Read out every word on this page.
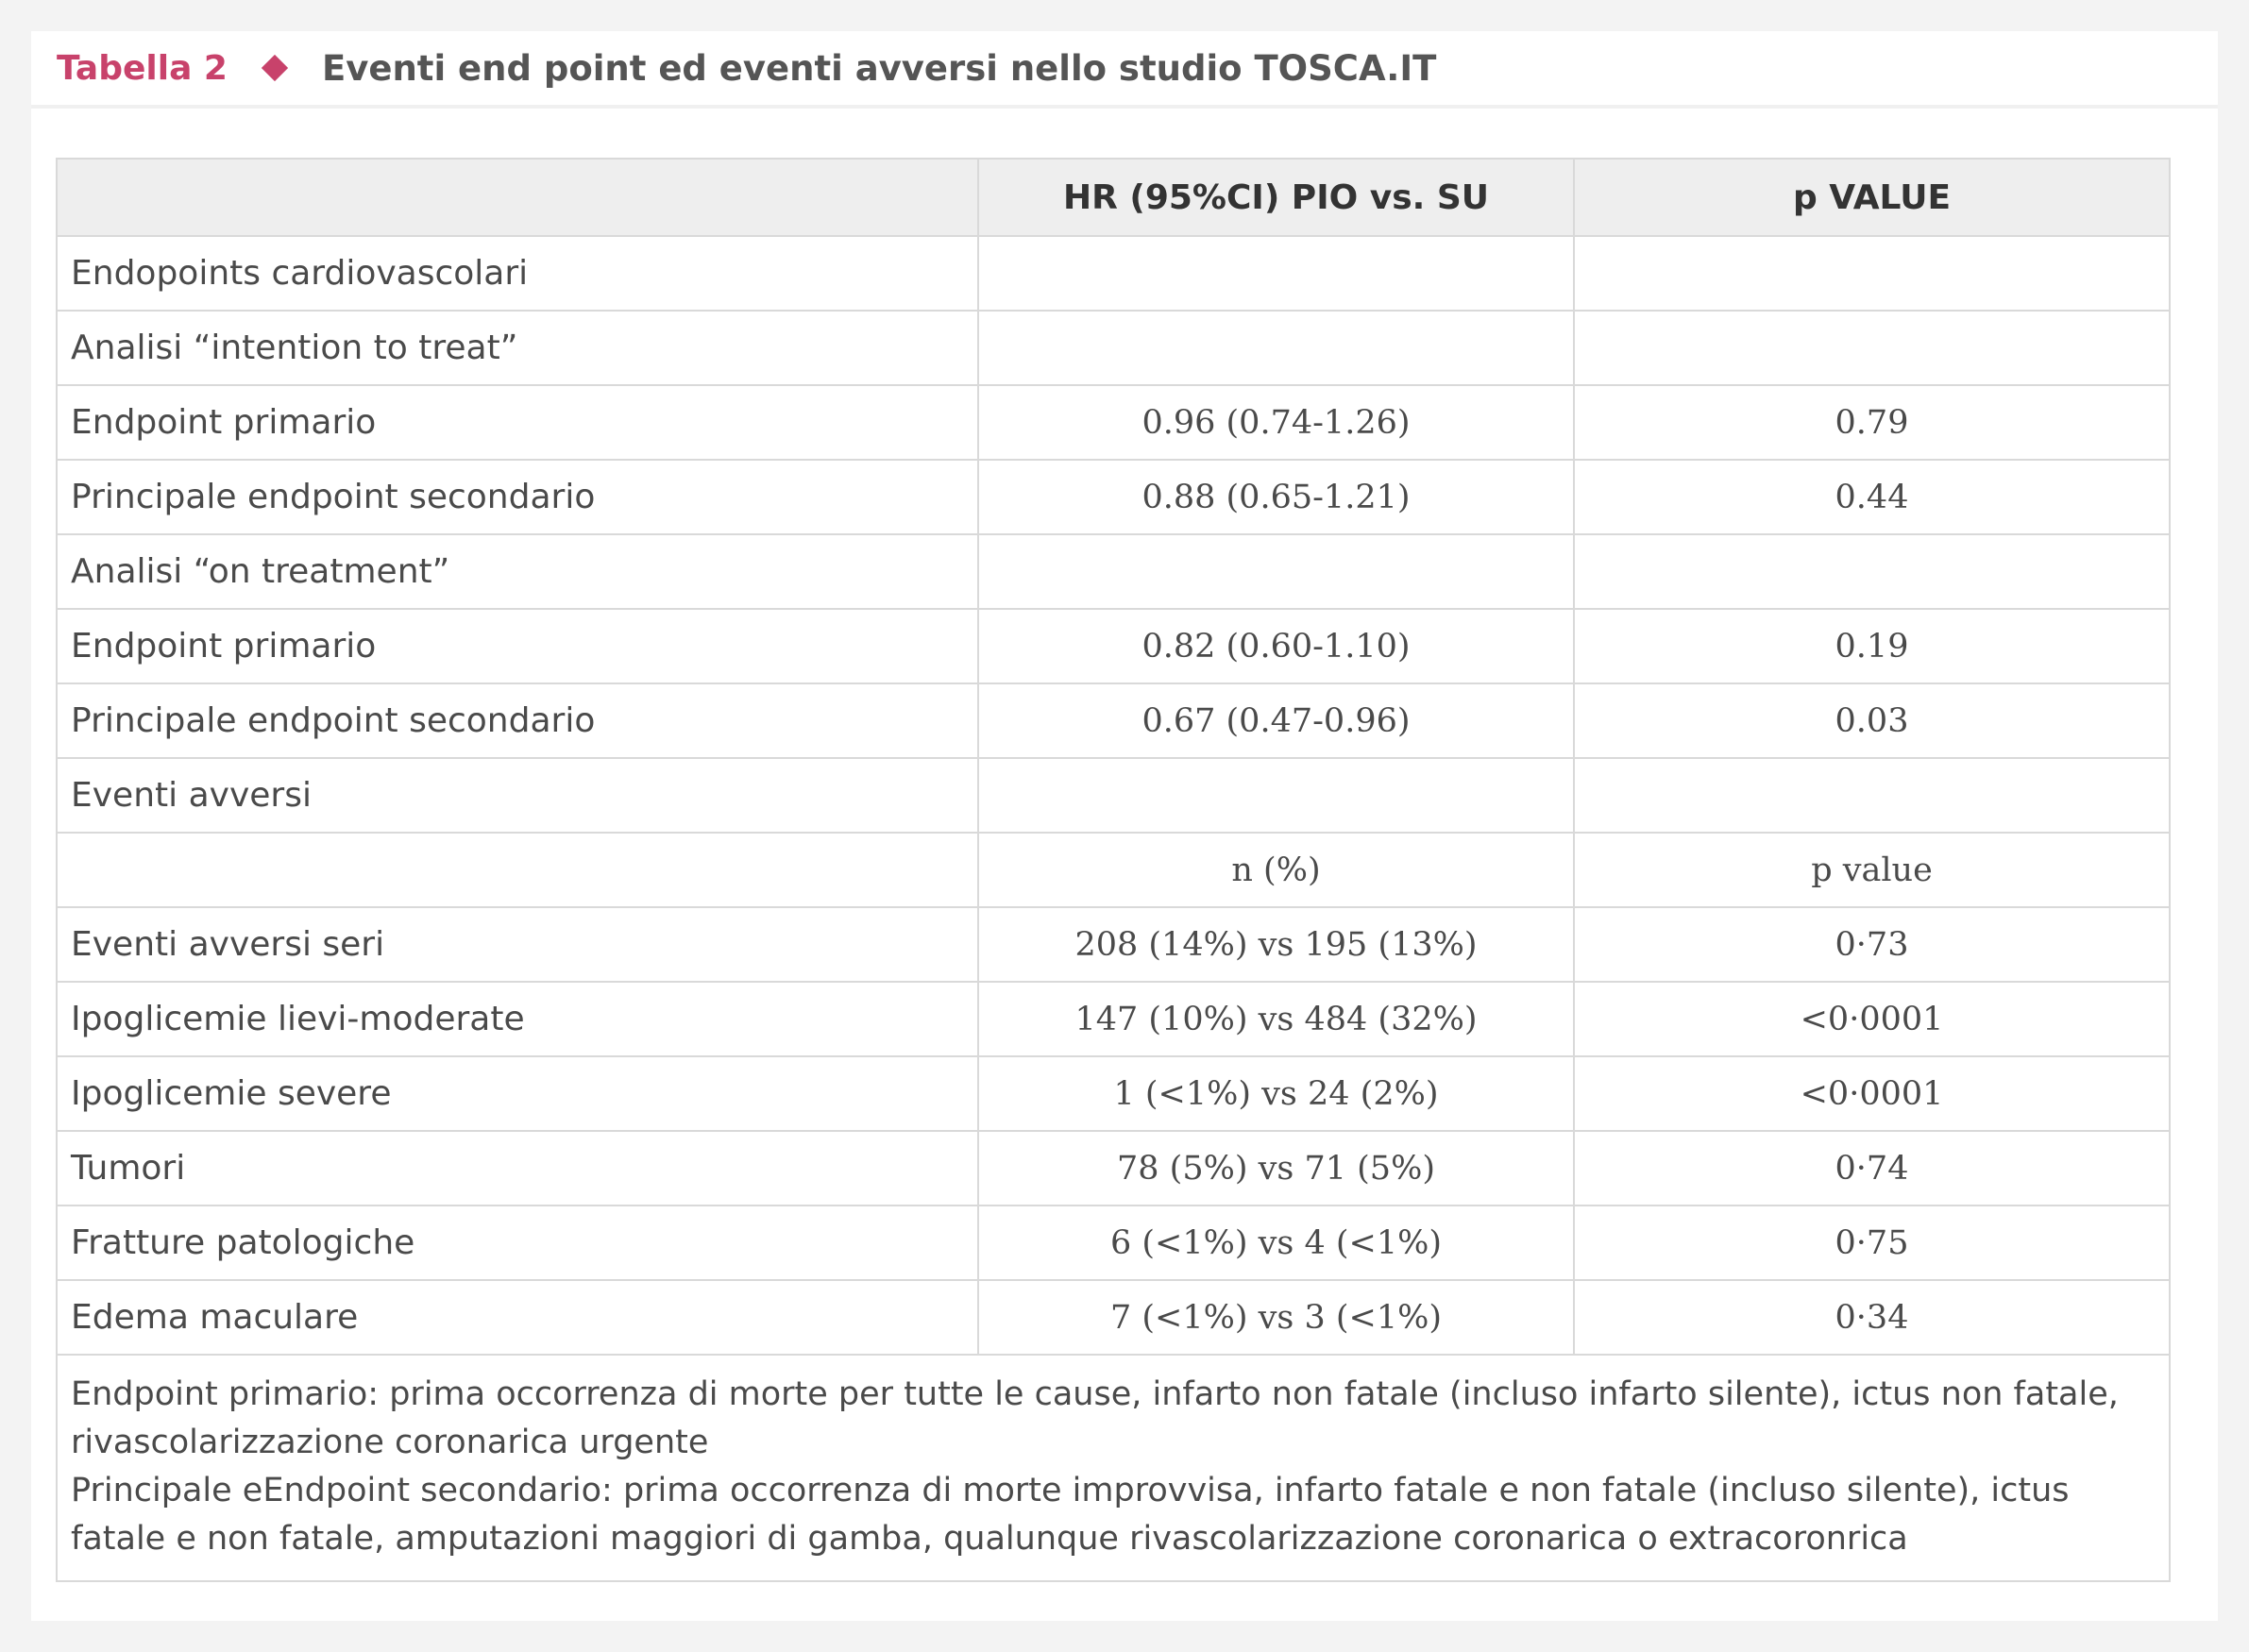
Tabella 2	Eventi end point ed eventi avversi nello studio TOSCA.IT
	HR (95%CI) PIO vs. SU	p VALUE
Endopoints cardiovascolari		
Analisi “intention to treat”		
Endpoint primario	0.96 (0.74-1.26)	0.79
Principale endpoint secondario	0.88 (0.65-1.21)	0.44
Analisi “on treatment”		
Endpoint primario	0.82 (0.60-1.10)	0.19
Principale endpoint secondario	0.67 (0.47-0.96)	0.03
Eventi avversi		
	n (%)	p value
Eventi avversi seri	208 (14%) vs 195 (13%)	0·73
Ipoglicemie lievi-moderate	147 (10%) vs 484 (32%)	<0·0001
Ipoglicemie severe	1 (<1%) vs 24 (2%)	<0·0001
Tumori	78 (5%) vs 71 (5%)	0·74
Fratture patologiche	6 (<1%) vs 4 (<1%)	0·75
Edema maculare	7 (<1%) vs 3 (<1%)	0·34

Endpoint primario: prima occorrenza di morte per tutte le cause, infarto non fatale (incluso infarto silente), ictus non fatale, rivascolarizzazione coronarica urgente
Principale eEndpoint secondario: prima occorrenza di morte improvvisa, infarto fatale e non fatale (incluso silente), ictus fatale e non fatale, amputazioni maggiori di gamba, qualunque rivascolarizzazione coronarica o extracoronrica		
